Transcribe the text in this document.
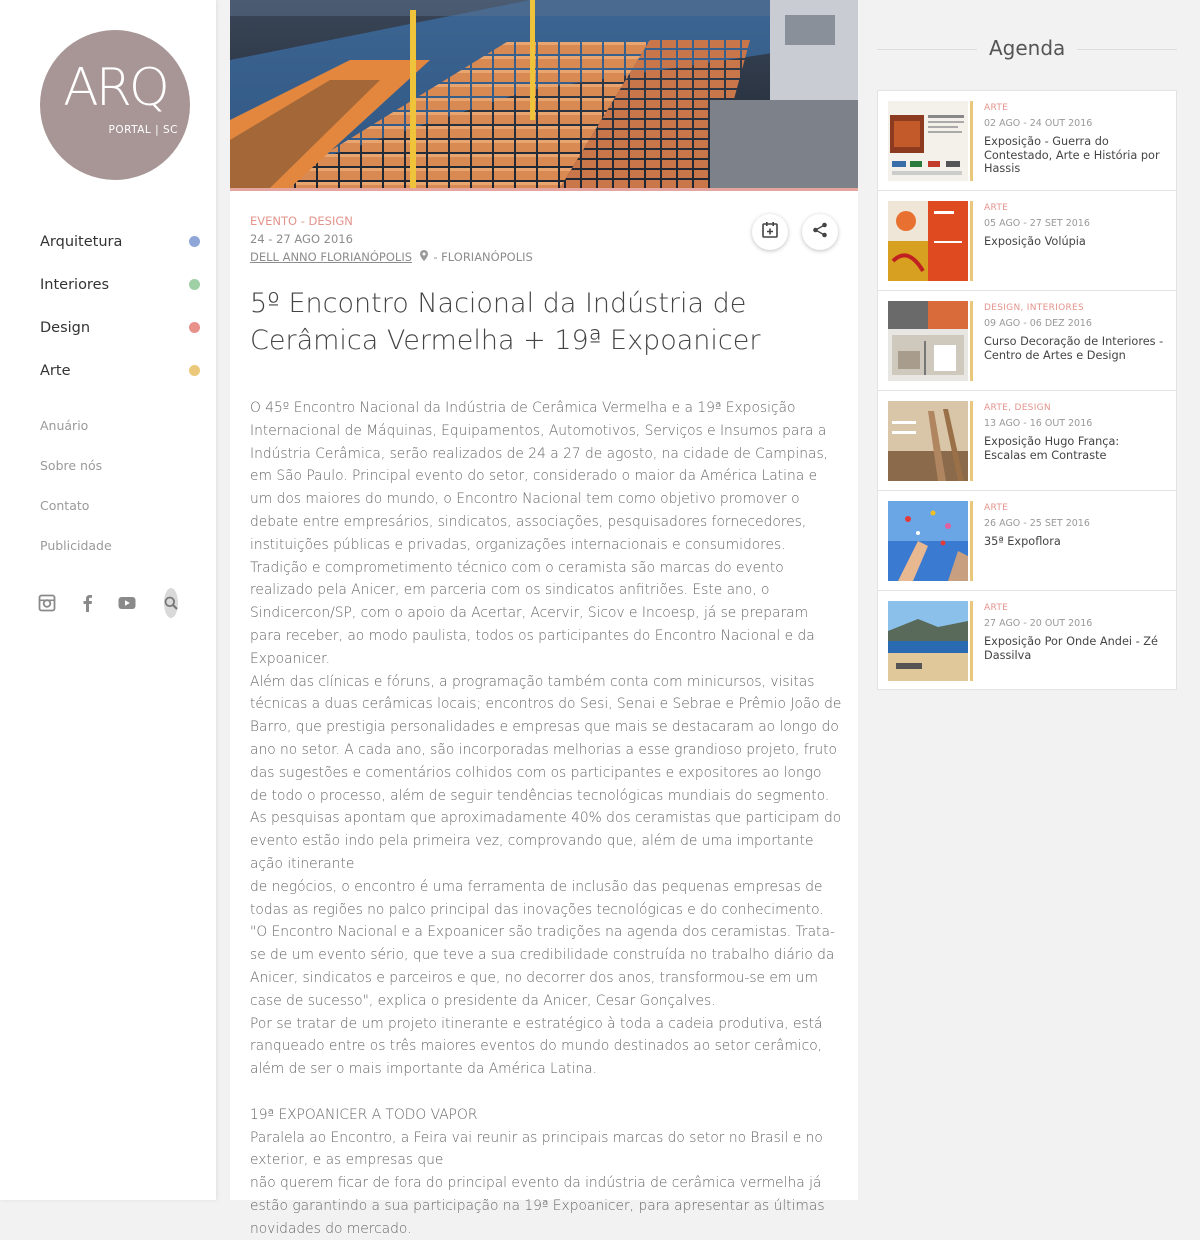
ARQ
PORTAL | SC
Arquitetura
Interiores
Design
Arte
Anuário
Sobre nós
Contato
Publicidade
EVENTO - DESIGN
24 - 27 AGO 2016
DELL ANNO FLORIANÓPOLIS - FLORIANÓPOLIS
5º Encontro Nacional da Indústria de Cerâmica Vermelha + 19ª Expoanicer

O 45º Encontro Nacional da Indústria de Cerâmica Vermelha e a 19ª Exposição Internacional de Máquinas, Equipamentos, Automotivos, Serviços e Insumos para a Indústria Cerâmica, serão realizados de 24 a 27 de agosto, na cidade de Campinas, em São Paulo. Principal evento do setor, considerado o maior da América Latina e um dos maiores do mundo, o Encontro Nacional tem como objetivo promover o debate entre empresários, sindicatos, associações, pesquisadores fornecedores, instituições públicas e privadas, organizações internacionais e consumidores.

Tradição e comprometimento técnico com o ceramista são marcas do evento realizado pela Anicer, em parceria com os sindicatos anfitriões. Este ano, o Sindicercon/SP, com o apoio da Acertar, Acervir, Sicov e Incoesp, já se preparam para receber, ao modo paulista, todos os participantes do Encontro Nacional e da Expoanicer.

Além das clínicas e fóruns, a programação também conta com minicursos, visitas técnicas a duas cerâmicas locais; encontros do Sesi, Senai e Sebrae e Prêmio João de Barro, que prestigia personalidades e empresas que mais se destacaram ao longo do ano no setor. A cada ano, são incorporadas melhorias a esse grandioso projeto, fruto das sugestões e comentários colhidos com os participantes e expositores ao longo de todo o processo, além de seguir tendências tecnológicas mundiais do segmento. As pesquisas apontam que aproximadamente 40% dos ceramistas que participam do evento estão indo pela primeira vez, comprovando que, além de uma importante ação itinerante

de negócios, o encontro é uma ferramenta de inclusão das pequenas empresas de todas as regiões no palco principal das inovações tecnológicas e do conhecimento. "O Encontro Nacional e a Expoanicer são tradições na agenda dos ceramistas. Trata-se de um evento sério, que teve a sua credibilidade construída no trabalho diário da Anicer, sindicatos e parceiros e que, no decorrer dos anos, transformou-se em um case de sucesso", explica o presidente da Anicer, Cesar Gonçalves.

Por se tratar de um projeto itinerante e estratégico à toda a cadeia produtiva, está ranqueado entre os três maiores eventos do mundo destinados ao setor cerâmico, além de ser o mais importante da América Latina.

19ª EXPOANICER A TODO VAPOR

Paralela ao Encontro, a Feira vai reunir as principais marcas do setor no Brasil e no exterior, e as empresas que

não querem ficar de fora do principal evento da indústria de cerâmica vermelha já estão garantindo a sua participação na 19ª Expoanicer, para apresentar as últimas novidades do mercado.

Agenda
ARTE
02 AGO - 24 OUT 2016
Exposição - Guerra do Contestado, Arte e História por Hassis
ARTE
05 AGO - 27 SET 2016
Exposição Volúpia
DESIGN, INTERIORES
09 AGO - 06 DEZ 2016
Curso Decoração de Interiores - Centro de Artes e Design
ARTE, DESIGN
13 AGO - 16 OUT 2016
Exposição Hugo França: Escalas em Contraste
ARTE
26 AGO - 25 SET 2016
35ª Expoflora
ARTE
27 AGO - 20 OUT 2016
Exposição Por Onde Andei - Zé Dassilva
